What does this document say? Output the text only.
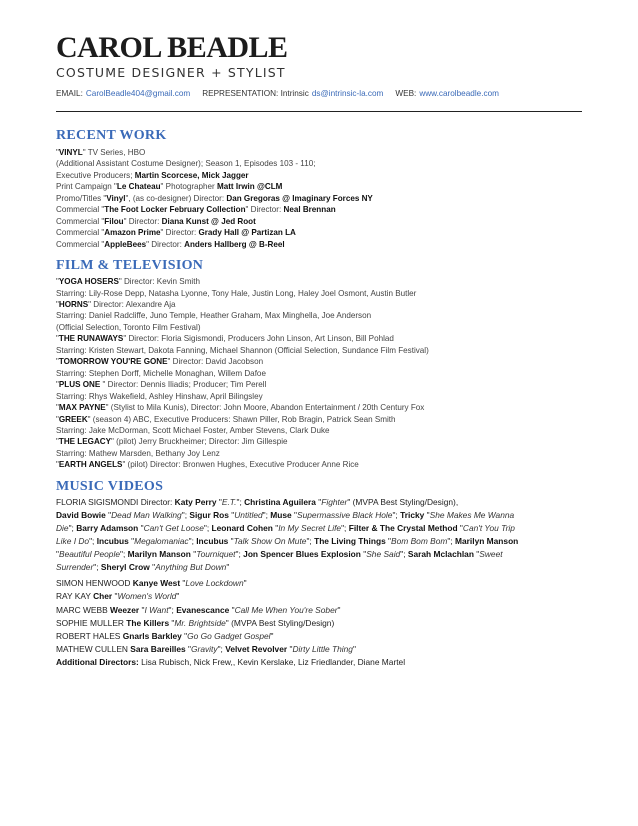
CAROL BEADLE
COSTUME DESIGNER + STYLIST
EMAIL: CarolBeadle404@gmail.com REPRESENTATION: Intrinsic ds@intrinsic-la.com WEB: www.carolbeadle.com
RECENT WORK
"VINYL" TV Series, HBO
(Additional Assistant Costume Designer); Season 1, Episodes 103 - 110;
Executive Producers; Martin Scorcese, Mick Jagger
Print Campaign "Le Chateau" Photographer Matt Irwin @CLM
Promo/Titles "Vinyl", (as co-designer) Director: Dan Gregoras @ Imaginary Forces NY
Commercial "The Foot Locker February Collection" Director: Neal Brennan
Commercial "Filou" Director: Diana Kunst @ Jed Root
Commercial "Amazon Prime" Director: Grady Hall @ Partizan LA
Commercial "AppleBees" Director: Anders Hallberg @ B-Reel
FILM & TELEVISION
"YOGA HOSERS" Director: Kevin Smith
Starring: Lily-Rose Depp, Natasha Lyonne, Tony Hale, Justin Long, Haley Joel Osmont, Austin Butler
"HORNS" Director: Alexandre Aja
Starring: Daniel Radcliffe, Juno Temple, Heather Graham, Max Minghella, Joe Anderson
(Official Selection, Toronto Film Festival)
"THE RUNAWAYS" Director: Floria Sigismondi, Producers John Linson, Art Linson, Bill Pohlad
Starring: Kristen Stewart, Dakota Fanning, Michael Shannon (Official Selection, Sundance Film Festival)
"TOMORROW YOU'RE GONE" Director: David Jacobson
Starring: Stephen Dorff, Michelle Monaghan, Willem Dafoe
"PLUS ONE " Director: Dennis Iliadis; Producer; Tim Perell
Starring: Rhys Wakefield, Ashley Hinshaw, April Bilingsley
"MAX PAYNE" (Stylist to Mila Kunis), Director: John Moore, Abandon Entertainment / 20th Century Fox
"GREEK" (season 4) ABC, Executive Producers: Shawn Piller, Rob Bragin, Patrick Sean Smith
Starring: Jake McDorman, Scott Michael Foster, Amber Stevens, Clark Duke
"THE LEGACY" (pilot) Jerry Bruckheimer; Director: Jim Gillespie
Starring: Mathew Marsden, Bethany Joy Lenz
"EARTH ANGELS" (pilot) Director: Bronwen Hughes, Executive Producer Anne Rice
MUSIC VIDEOS
FLORIA SIGISMONDI Director: Katy Perry "E.T."; Christina Aguilera "Fighter" (MVPA Best Styling/Design),
David Bowie "Dead Man Walking"; Sigur Ros "Untitled"; Muse "Supermassive Black Hole"; Tricky "She Makes Me Wanna
Die"; Barry Adamson "Can't Get Loose"; Leonard Cohen "In My Secret Life"; Filter & The Crystal Method "Can't You Trip
Like I Do"; Incubus "Megalomaniac"; Incubus "Talk Show On Mute"; The Living Things "Bom Bom Bom"; Marilyn Manson
"Beautiful People"; Marilyn Manson "Tourniquet"; Jon Spencer Blues Explosion "She Said"; Sarah Mclachlan "Sweet
Surrender"; Sheryl Crow "Anything But Down"
SIMON HENWOOD Kanye West "Love Lockdown"
RAY KAY Cher "Women's World"
MARC WEBB Weezer "I Want"; Evanescance "Call Me When You're Sober"
SOPHIE MULLER The Killers "Mr. Brightside" (MVPA Best Styling/Design)
ROBERT HALES Gnarls Barkley "Go Go Gadget Gospel"
MATHEW CULLEN Sara Bareilles "Gravity"; Velvet Revolver "Dirty Little Thing"
Additional Directors: Lisa Rubisch, Nick Frew,, Kevin Kerslake, Liz Friedlander, Diane Martel
